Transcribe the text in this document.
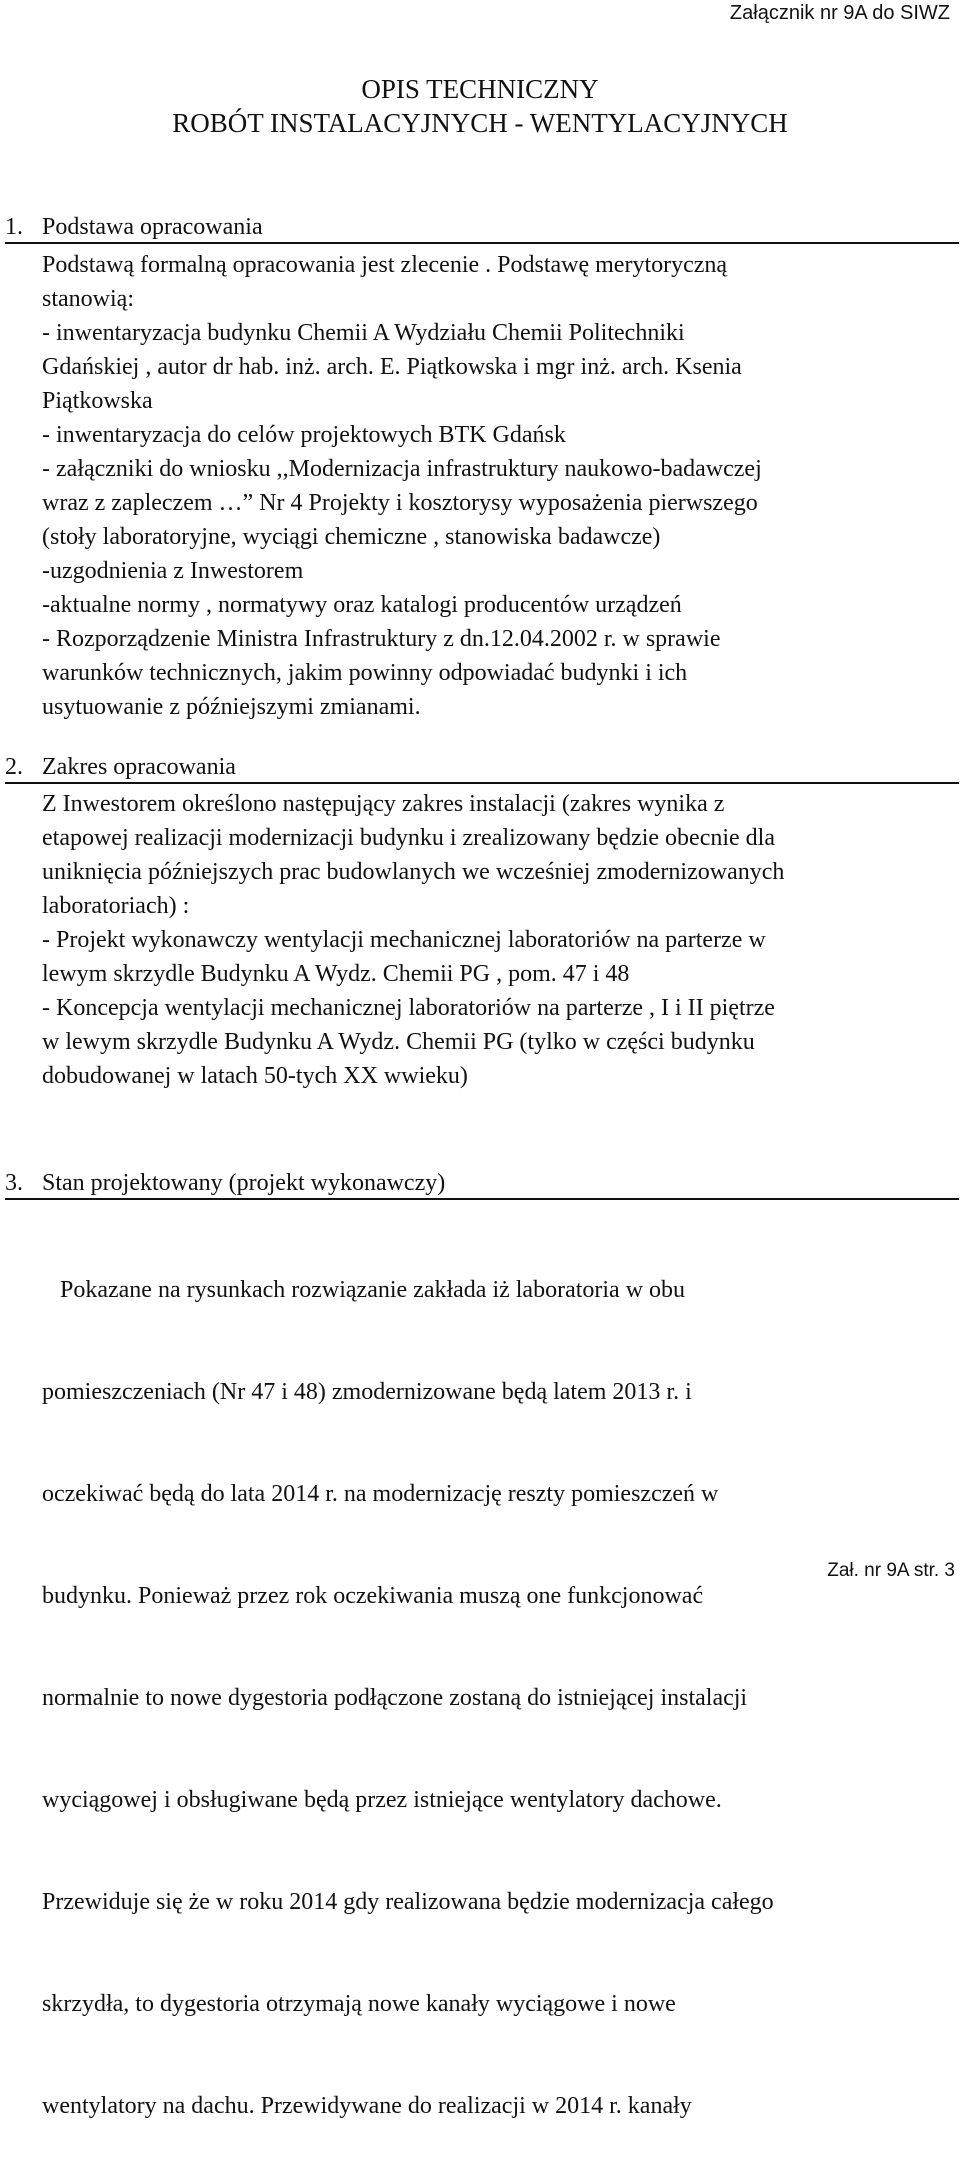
Załącznik nr 9A do SIWZ
OPIS TECHNICZNY
ROBÓT INSTALACYJNYCH - WENTYLACYJNYCH
1. Podstawa opracowania
Podstawą formalną opracowania jest zlecenie . Podstawę merytoryczną
stanowią:
- inwentaryzacja budynku Chemii A Wydziału Chemii Politechniki
Gdańskiej , autor dr hab. inż. arch. E. Piątkowska i mgr inż. arch. Ksenia
Piątkowska
- inwentaryzacja do celów projektowych BTK Gdańsk
- załączniki do wniosku ,,Modernizacja infrastruktury naukowo-badawczej
wraz z zapleczem …” Nr 4 Projekty i kosztorysy wyposażenia pierwszego
(stoły laboratoryjne, wyciągi chemiczne , stanowiska badawcze)
-uzgodnienia z Inwestorem
-aktualne normy , normatywy oraz katalogi producentów urządzeń
- Rozporządzenie Ministra Infrastruktury z dn.12.04.2002 r. w sprawie
warunków technicznych, jakim powinny odpowiadać budynki i ich
usytuowanie z późniejszymi zmianami.
2. Zakres opracowania
Z Inwestorem określono następujący zakres instalacji (zakres wynika z
etapowej realizacji modernizacji budynku i zrealizowany będzie obecnie dla
uniknięcia późniejszych prac budowlanych we wcześniej zmodernizowanych
laboratoriach) :
- Projekt wykonawczy wentylacji mechanicznej laboratoriów na parterze w
lewym skrzydle Budynku A Wydz. Chemii PG , pom. 47 i 48
- Koncepcja wentylacji mechanicznej laboratoriów na parterze , I i II piętrze
w lewym skrzydle Budynku A Wydz. Chemii PG (tylko w części budynku
dobudowanej w latach 50-tych XX wwieku)
3. Stan projektowany (projekt wykonawczy)

Pokazane na rysunkach rozwiązanie zakłada iż laboratoria w obu

pomieszczeniach (Nr 47 i 48) zmodernizowane będą latem 2013 r. i

oczekiwać będą do lata 2014 r. na modernizację reszty pomieszczeń w

budynku. Ponieważ przez rok oczekiwania muszą one funkcjonować

normalnie to nowe dygestoria podłączone zostaną do istniejącej instalacji

wyciągowej i obsługiwane będą przez istniejące wentylatory dachowe.

Przewiduje się że w roku 2014 gdy realizowana będzie modernizacja całego

skrzydła, to dygestoria otrzymają nowe kanały wyciągowe i nowe

wentylatory na dachu. Przewidywane do realizacji w 2014 r. kanały

Zał. nr 9A str. 3
